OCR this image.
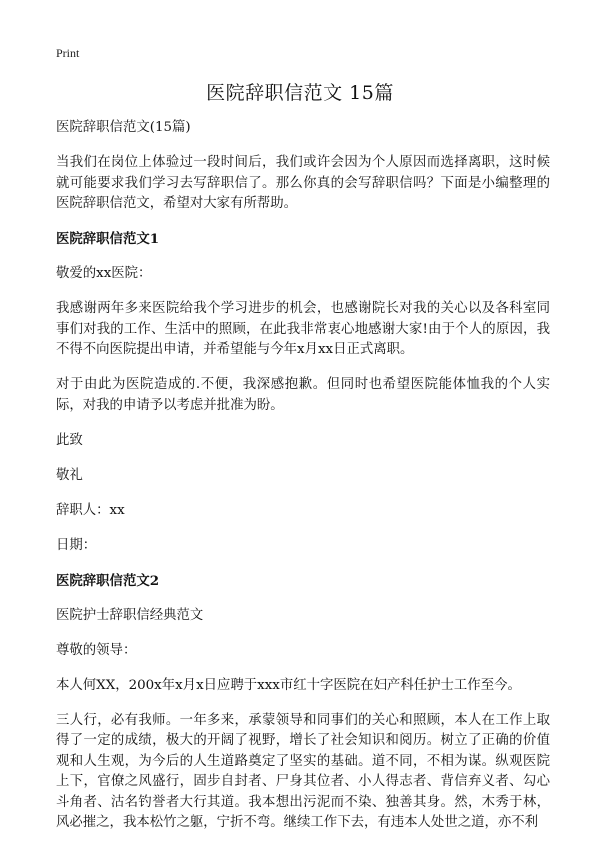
Print
医院辞职信范文 15篇

医院辞职信范文(15篇)

当我们在岗位上体验过一段时间后，我们或许会因为个人原因而选择离职，这时候就可能要求我们学习去写辞职信了。那么你真的会写辞职信吗？下面是小编整理的医院辞职信范文，希望对大家有所帮助。

医院辞职信范文1

敬爱的xx医院：

我感谢两年多来医院给我个学习进步的机会，也感谢院长对我的关心以及各科室同事们对我的工作、生活中的照顾，在此我非常衷心地感谢大家!由于个人的原因，我不得不向医院提出申请，并希望能与今年x月xx日正式离职。

对于由此为医院造成的.不便，我深感抱歉。但同时也希望医院能体恤我的个人实际，对我的申请予以考虑并批准为盼。

此致

敬礼

辞职人：xx

日期：

医院辞职信范文2

医院护士辞职信经典范文

尊敬的领导：

本人何XX，200x年x月x日应聘于xxx市红十字医院在妇产科任护士工作至今。

三人行，必有我师。一年多来，承蒙领导和同事们的关心和照顾，本人在工作上取得了一定的成绩，极大的开阔了视野，增长了社会知识和阅历。树立了正确的价值观和人生观，为今后的人生道路奠定了坚实的基础。道不同，不相为谋。纵观医院上下，官僚之风盛行，固步自封者、尸身其位者、小人得志者、背信弃义者、勾心斗角者、沽名钓誉者大行其道。我本想出污泥而不染、独善其身。然，木秀于林，风必摧之，我本松竹之躯，宁折不弯。继续工作下去，有违本人处世之道，亦不利
